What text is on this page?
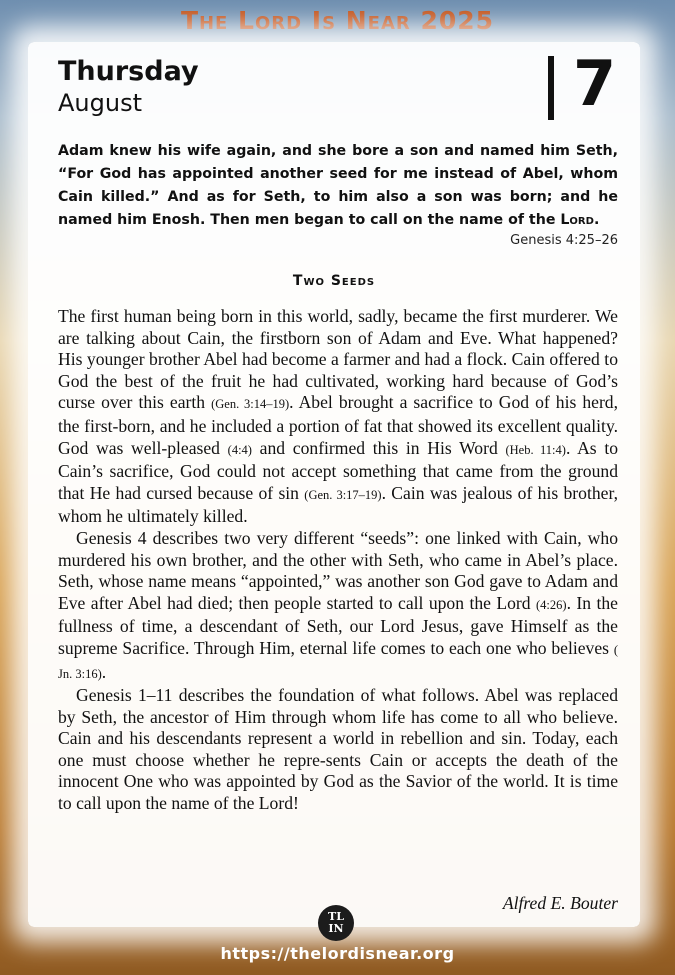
The Lord Is Near 2025
Thursday
August	7
Adam knew his wife again, and she bore a son and named him Seth, “For God has appointed another seed for me instead of Abel, whom Cain killed.” And as for Seth, to him also a son was born; and he named him Enosh. Then men began to call on the name of the Lord.
Genesis 4:25–26
Two Seeds

The first human being born in this world, sadly, became the first murderer. We are talking about Cain, the firstborn son of Adam and Eve. What happened? His younger brother Abel had become a farmer and had a flock. Cain offered to God the best of the fruit he had cultivated, working hard because of God’s curse over this earth (Gen. 3:14–19). Abel brought a sacrifice to God of his herd, the first-born, and he included a portion of fat that showed its excellent quality. God was well-pleased (4:4) and confirmed this in His Word (Heb. 11:4). As to Cain’s sacrifice, God could not accept something that came from the ground that He had cursed because of sin (Gen. 3:17–19). Cain was jealous of his brother, whom he ultimately killed.

Genesis 4 describes two very different “seeds”: one linked with Cain, who murdered his own brother, and the other with Seth, who came in Abel’s place. Seth, whose name means “appointed,” was another son God gave to Adam and Eve after Abel had died; then people started to call upon the Lord (4:26). In the fullness of time, a descendant of Seth, our Lord Jesus, gave Himself as the supreme Sacrifice. Through Him, eternal life comes to each one who believes ( Jn. 3:16).

Genesis 1–11 describes the foundation of what follows. Abel was replaced by Seth, the ancestor of Him through whom life has come to all who believe. Cain and his descendants represent a world in rebellion and sin. Today, each one must choose whether he repre-sents Cain or accepts the death of the innocent One who was appointed by God as the Savior of the world. It is time to call upon the name of the Lord!

Alfred E. Bouter
TL
IN
https://thelordisnear.org
